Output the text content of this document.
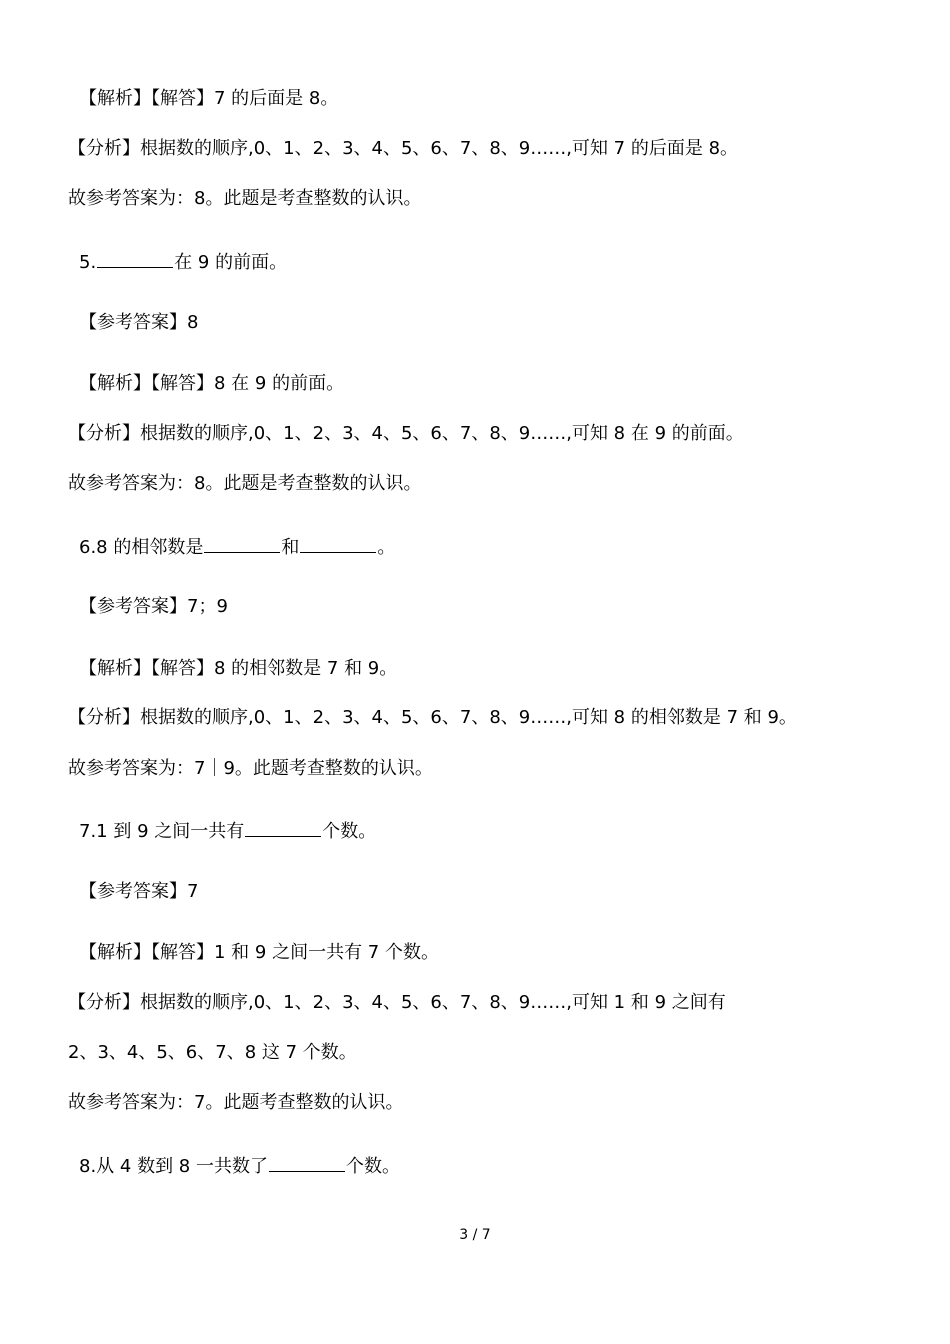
【解析】【解答】7 的后面是 8。
【分析】根据数的顺序,0、1、2、3、4、5、6、7、8、9……,可知 7 的后面是 8。
故参考答案为：8。此题是考查整数的认识。
5.	在 9 的前面。
【参考答案】8
【解析】【解答】8 在 9 的前面。
【分析】根据数的顺序,0、1、2、3、4、5、6、7、8、9……,可知 8 在 9 的前面。
故参考答案为：8。此题是考查整数的认识。
6.8 的相邻数是	和	。
【参考答案】7；9
【解析】【解答】8 的相邻数是 7 和 9。
【分析】根据数的顺序,0、1、2、3、4、5、6、7、8、9……,可知 8 的相邻数是 7 和 9。
故参考答案为：7｜9。此题考查整数的认识。
7.1 到 9 之间一共有	个数。
【参考答案】7
【解析】【解答】1 和 9 之间一共有 7 个数。
【分析】根据数的顺序,0、1、2、3、4、5、6、7、8、9……,可知 1 和 9 之间有
2、3、4、5、6、7、8 这 7 个数。
故参考答案为：7。此题考查整数的认识。
8.从 4 数到 8 一共数了	个数。
3 / 7
